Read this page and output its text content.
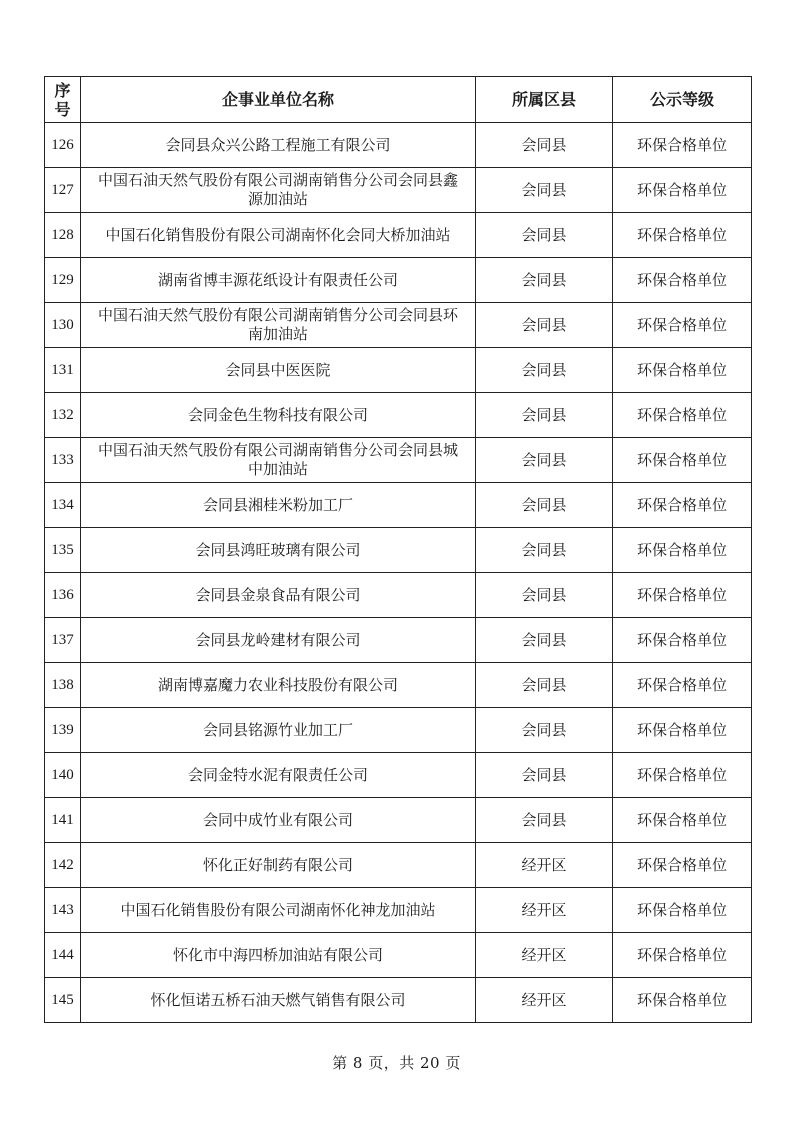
序号	企事业单位名称	所属区县	公示等级
126	会同县众兴公路工程施工有限公司	会同县	环保合格单位
127	中国石油天然气股份有限公司湖南销售分公司会同县鑫源加油站	会同县	环保合格单位
128	中国石化销售股份有限公司湖南怀化会同大桥加油站	会同县	环保合格单位
129	湖南省博丰源花纸设计有限责任公司	会同县	环保合格单位
130	中国石油天然气股份有限公司湖南销售分公司会同县环南加油站	会同县	环保合格单位
131	会同县中医医院	会同县	环保合格单位
132	会同金色生物科技有限公司	会同县	环保合格单位
133	中国石油天然气股份有限公司湖南销售分公司会同县城中加油站	会同县	环保合格单位
134	会同县湘桂米粉加工厂	会同县	环保合格单位
135	会同县鸿旺玻璃有限公司	会同县	环保合格单位
136	会同县金泉食品有限公司	会同县	环保合格单位
137	会同县龙岭建材有限公司	会同县	环保合格单位
138	湖南博嘉魔力农业科技股份有限公司	会同县	环保合格单位
139	会同县铭源竹业加工厂	会同县	环保合格单位
140	会同金特水泥有限责任公司	会同县	环保合格单位
141	会同中成竹业有限公司	会同县	环保合格单位
142	怀化正好制药有限公司	经开区	环保合格单位
143	中国石化销售股份有限公司湖南怀化神龙加油站	经开区	环保合格单位
144	怀化市中海四桥加油站有限公司	经开区	环保合格单位
145	怀化恒诺五桥石油天燃气销售有限公司	经开区	环保合格单位
第 8 页，共 20 页
